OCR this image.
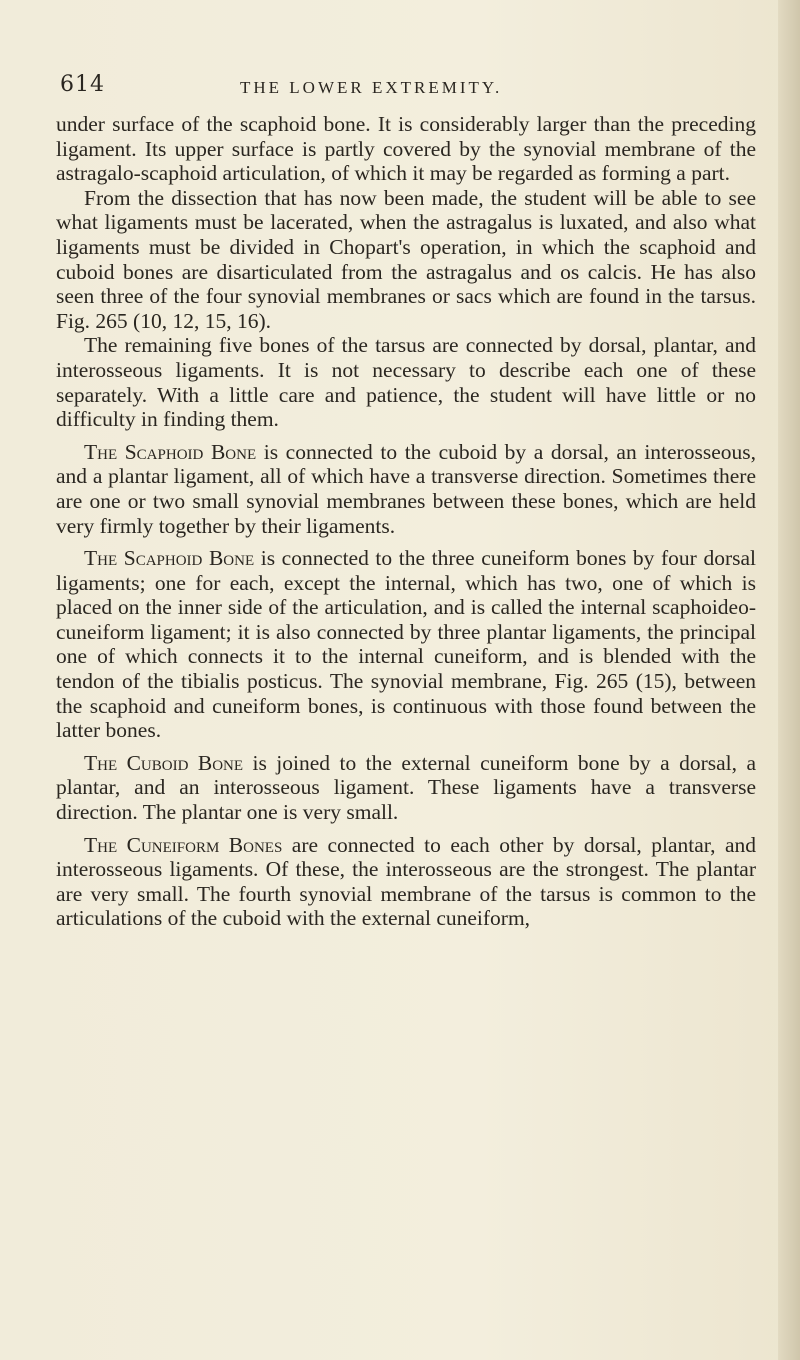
614	THE LOWER EXTREMITY.

under surface of the scaphoid bone. It is considerably larger than the preceding ligament. Its upper surface is partly covered by the synovial membrane of the astragalo-scaphoid articulation, of which it may be regarded as forming a part.

From the dissection that has now been made, the student will be able to see what ligaments must be lacerated, when the astragalus is luxated, and also what ligaments must be divided in Chopart's operation, in which the scaphoid and cuboid bones are disarticulated from the astragalus and os calcis. He has also seen three of the four synovial membranes or sacs which are found in the tarsus. Fig. 265 (10, 12, 15, 16).

The remaining five bones of the tarsus are connected by dorsal, plantar, and interosseous ligaments. It is not necessary to describe each one of these separately. With a little care and patience, the student will have little or no difficulty in finding them.

The Scaphoid Bone is connected to the cuboid by a dorsal, an interosseous, and a plantar ligament, all of which have a transverse direction. Sometimes there are one or two small synovial membranes between these bones, which are held very firmly together by their ligaments.

The Scaphoid Bone is connected to the three cuneiform bones by four dorsal ligaments; one for each, except the internal, which has two, one of which is placed on the inner side of the articulation, and is called the internal scaphoideo-cuneiform ligament; it is also connected by three plantar ligaments, the principal one of which connects it to the internal cuneiform, and is blended with the tendon of the tibialis posticus. The synovial membrane, Fig. 265 (15), between the scaphoid and cuneiform bones, is continuous with those found between the latter bones.

The Cuboid Bone is joined to the external cuneiform bone by a dorsal, a plantar, and an interosseous ligament. These ligaments have a transverse direction. The plantar one is very small.

The Cuneiform Bones are connected to each other by dorsal, plantar, and interosseous ligaments. Of these, the interosseous are the strongest. The plantar are very small. The fourth synovial membrane of the tarsus is common to the articulations of the cuboid with the external cuneiform,
